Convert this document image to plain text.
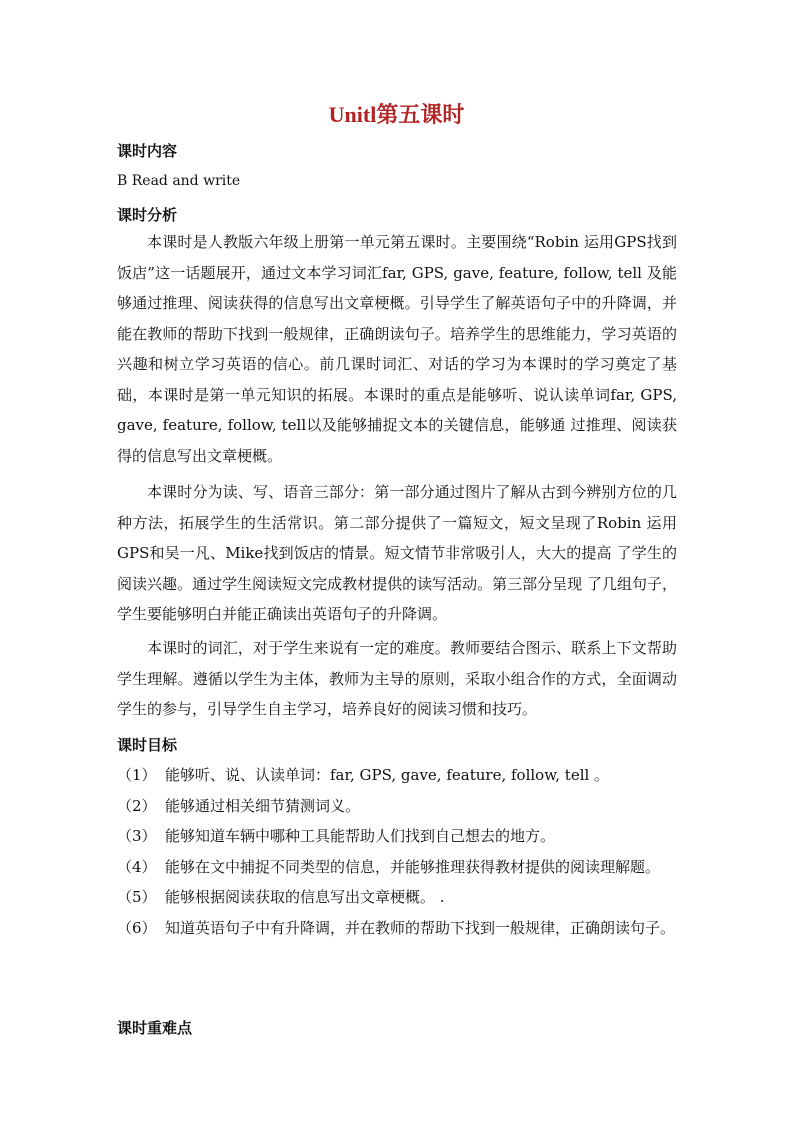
Unitl第五课时
课时内容
B Read and write
课时分析

本课时是人教版六年级上册第一单元第五课时。主要围绕“Robin 运用GPS找到饭店”这一话题展开，通过文本学习词汇far, GPS, gave, feature, follow, tell 及能够通过推理、阅读获得的信息写出文章梗概。引导学生了解英语句子中的升降调，并能在教师的帮助下找到一般规律，正确朗读句子。培养学生的思维能力，学习英语的兴趣和树立学习英语的信心。前几课时词汇、对话的学习为本课时的学习奠定了基础，本课时是第一单元知识的拓展。本课时的重点是能够听、说认读单词far, GPS, gave, feature, follow, tell以及能够捕捉文本的关键信息，能够通 过推理、阅读获得的信息写出文章梗概。

本课时分为读、写、语音三部分：第一部分通过图片了解从古到今辨别方位的几种方法，拓展学生的生活常识。第二部分提供了一篇短文，短文呈现了Robin 运用GPS和吴一凡、Mike找到饭店的情景。短文情节非常吸引人，大大的提高 了学生的阅读兴趣。通过学生阅读短文完成教材提供的读写活动。第三部分呈现 了几组句子，学生要能够明白并能正确读出英语句子的升降调。

本课时的词汇，对于学生来说有一定的难度。教师要结合图示、联系上下文帮助学生理解。遵循以学生为主体，教师为主导的原则，采取小组合作的方式，全面调动学生的参与，引导学生自主学习，培养良好的阅读习惯和技巧。

课时目标
（1） 能够听、说、认读单词：far, GPS, gave, feature, follow, tell 。
（2） 能够通过相关细节猜测词义。
（3） 能够知道车辆中哪种工具能帮助人们找到自己想去的地方。
（4） 能够在文中捕捉不同类型的信息，并能够推理获得教材提供的阅读理解题。
（5） 能够根据阅读获取的信息写出文章梗概。 .
（6） 知道英语句子中有升降调，并在教师的帮助下找到一般规律，正确朗读句子。
课时重难点
